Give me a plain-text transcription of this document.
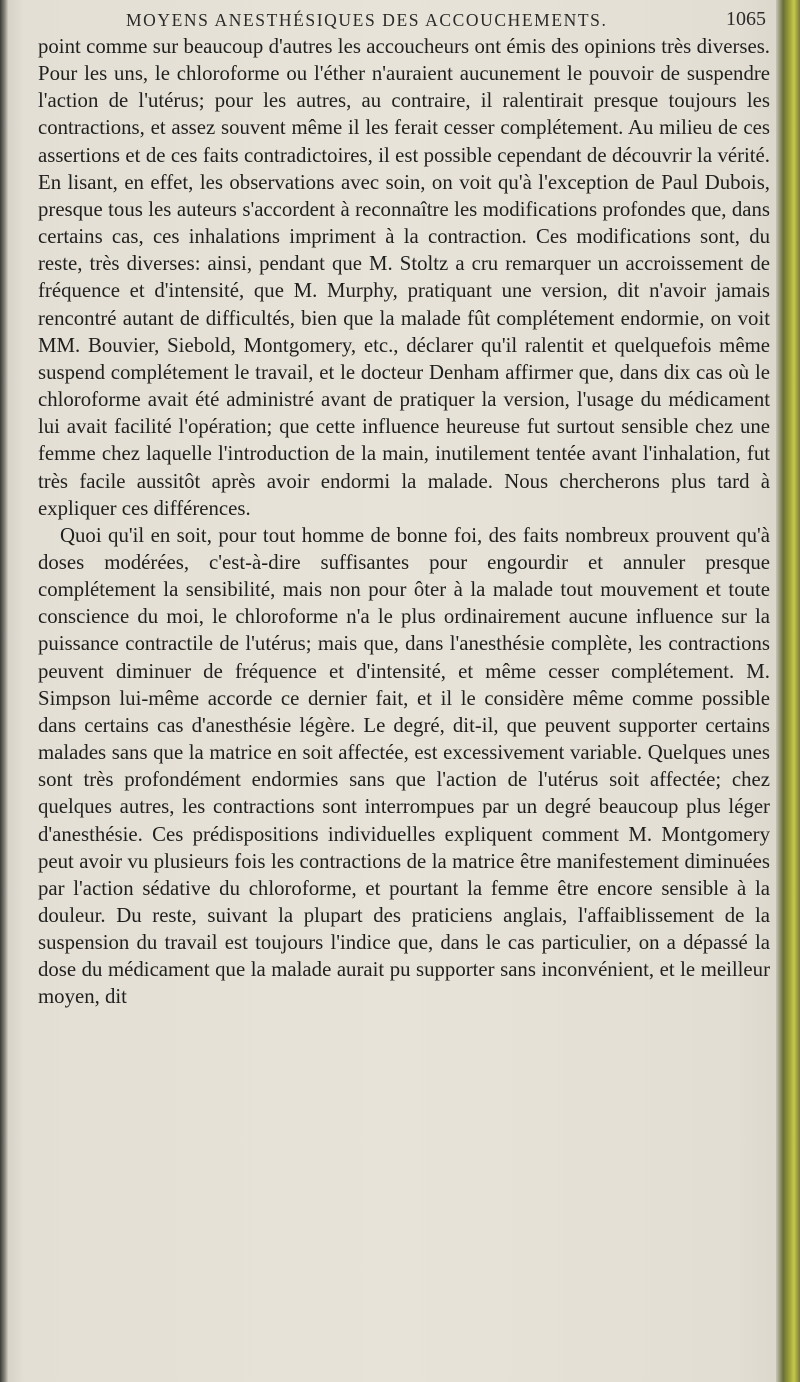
MOYENS ANESTHÉSIQUES DES ACCOUCHEMENTS.	1065

point comme sur beaucoup d'autres les accoucheurs ont émis des opinions très diverses. Pour les uns, le chloroforme ou l'éther n'auraient aucunement le pouvoir de suspendre l'action de l'utérus; pour les autres, au contraire, il ralentirait presque toujours les contractions, et assez souvent même il les ferait cesser complétement. Au milieu de ces assertions et de ces faits contradictoires, il est possible cependant de découvrir la vérité. En lisant, en effet, les observations avec soin, on voit qu'à l'exception de Paul Dubois, presque tous les auteurs s'accordent à reconnaître les modifications profondes que, dans certains cas, ces inhalations impriment à la contraction. Ces modifications sont, du reste, très diverses: ainsi, pendant que M. Stoltz a cru remarquer un accroissement de fréquence et d'intensité, que M. Murphy, pratiquant une version, dit n'avoir jamais rencontré autant de difficultés, bien que la malade fût complétement endormie, on voit MM. Bouvier, Siebold, Montgomery, etc., déclarer qu'il ralentit et quelquefois même suspend complétement le travail, et le docteur Denham affirmer que, dans dix cas où le chloroforme avait été administré avant de pratiquer la version, l'usage du médicament lui avait facilité l'opération; que cette influence heureuse fut surtout sensible chez une femme chez laquelle l'introduction de la main, inutilement tentée avant l'inhalation, fut très facile aussitôt après avoir endormi la malade. Nous chercherons plus tard à expliquer ces différences.

Quoi qu'il en soit, pour tout homme de bonne foi, des faits nombreux prouvent qu'à doses modérées, c'est-à-dire suffisantes pour engourdir et annuler presque complétement la sensibilité, mais non pour ôter à la malade tout mouvement et toute conscience du moi, le chloroforme n'a le plus ordinairement aucune influence sur la puissance contractile de l'utérus; mais que, dans l'anesthésie complète, les contractions peuvent diminuer de fréquence et d'intensité, et même cesser complétement. M. Simpson lui-même accorde ce dernier fait, et il le considère même comme possible dans certains cas d'anesthésie légère. Le degré, dit-il, que peuvent supporter certains malades sans que la matrice en soit affectée, est excessivement variable. Quelques unes sont très profondément endormies sans que l'action de l'utérus soit affectée; chez quelques autres, les contractions sont interrompues par un degré beaucoup plus léger d'anesthésie. Ces prédispositions individuelles expliquent comment M. Montgomery peut avoir vu plusieurs fois les contractions de la matrice être manifestement diminuées par l'action sédative du chloroforme, et pourtant la femme être encore sensible à la douleur. Du reste, suivant la plupart des praticiens anglais, l'affaiblissement de la suspension du travail est toujours l'indice que, dans le cas particulier, on a dépassé la dose du médicament que la malade aurait pu supporter sans inconvénient, et le meilleur moyen, dit
